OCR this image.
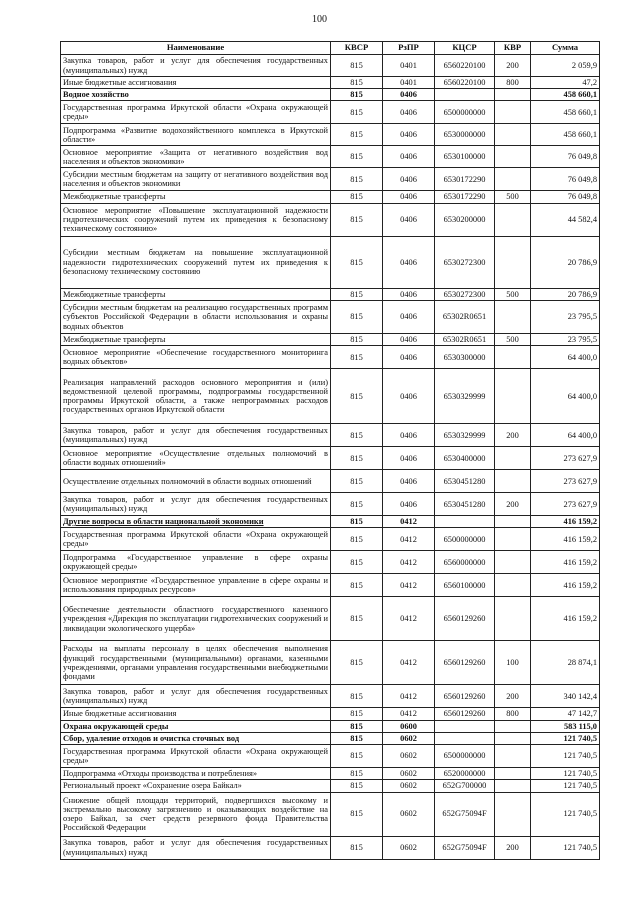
100
Наименование	КВСР	РзПР	КЦСР	КВР	Сумма
Закупка товаров, работ и услуг для обеспечения государственных (муниципальных) нужд	815	0401	6560220100	200	2 059,9
Иные бюджетные ассигнования	815	0401	6560220100	800	47,2
Водное хозяйство	815	0406			458 660,1
Государственная программа Иркутской области «Охрана окружающей среды»	815	0406	6500000000		458 660,1
Подпрограмма «Развитие водохозяйственного комплекса в Иркутской области»	815	0406	6530000000		458 660,1
Основное мероприятие «Защита от негативного воздействия вод населения и объектов экономики»	815	0406	6530100000		76 049,8
Субсидии местным бюджетам на защиту от негативного воздействия вод населения и объектов экономики	815	0406	6530172290		76 049,8
Межбюджетные трансферты	815	0406	6530172290	500	76 049,8
Основное мероприятие «Повышение эксплуатационной надежности гидротехнических сооружений путем их приведения к безопасному техническому состоянию»	815	0406	6530200000		44 582,4
Субсидии местным бюджетам на повышение эксплуатационной надежности гидротехнических сооружений путем их приведения к безопасному техническому состоянию	815	0406	6530272300		20 786,9
Межбюджетные трансферты	815	0406	6530272300	500	20 786,9
Субсидии местным бюджетам на реализацию государственных программ субъектов Российской Федерации в области использования и охраны водных объектов	815	0406	65302R0651		23 795,5
Межбюджетные трансферты	815	0406	65302R0651	500	23 795,5
Основное мероприятие «Обеспечение государственного мониторинга водных объектов»	815	0406	6530300000		64 400,0
Реализация направлений расходов основного мероприятия и (или) ведомственной целевой программы, подпрограммы государственной программы Иркутской области, а также непрограммных расходов государственных органов Иркутской области	815	0406	6530329999		64 400,0
Закупка товаров, работ и услуг для обеспечения государственных (муниципальных) нужд	815	0406	6530329999	200	64 400,0
Основное мероприятие «Осуществление отдельных полномочий в области водных отношений»	815	0406	6530400000		273 627,9
Осуществление отдельных полномочий в области водных отношений	815	0406	6530451280		273 627,9
Закупка товаров, работ и услуг для обеспечения государственных (муниципальных) нужд	815	0406	6530451280	200	273 627,9
Другие вопросы в области национальной экономики	815	0412			416 159,2
Государственная программа Иркутской области «Охрана окружающей среды»	815	0412	6500000000		416 159,2
Подпрограмма «Государственное управление в сфере охраны окружающей среды»	815	0412	6560000000		416 159,2
Основное мероприятие «Государственное управление в сфере охраны и использования природных ресурсов»	815	0412	6560100000		416 159,2
Обеспечение деятельности областного государственного казенного учреждения «Дирекция по эксплуатации гидротехнических сооружений и ликвидации экологического ущерба»	815	0412	6560129260		416 159,2
Расходы на выплаты персоналу в целях обеспечения выполнения функций государственными (муниципальными) органами, казенными учреждениями, органами управления государственными внебюджетными фондами	815	0412	6560129260	100	28 874,1
Закупка товаров, работ и услуг для обеспечения государственных (муниципальных) нужд	815	0412	6560129260	200	340 142,4
Иные бюджетные ассигнования	815	0412	6560129260	800	47 142,7
Охрана окружающей среды	815	0600			583 115,0
Сбор, удаление отходов и очистка сточных вод	815	0602			121 740,5
Государственная программа Иркутской области «Охрана окружающей среды»	815	0602	6500000000		121 740,5
Подпрограмма «Отходы производства и потребления»	815	0602	6520000000		121 740,5
Региональный проект «Сохранение озера Байкал»	815	0602	652G700000		121 740,5
Снижение общей площади территорий, подвергшихся высокому и экстремально высокому загрязнению и оказывающих воздействие на озеро Байкал, за счет средств резервного фонда Правительства Российской Федерации	815	0602	652G75094F		121 740,5
Закупка товаров, работ и услуг для обеспечения государственных (муниципальных) нужд	815	0602	652G75094F	200	121 740,5
